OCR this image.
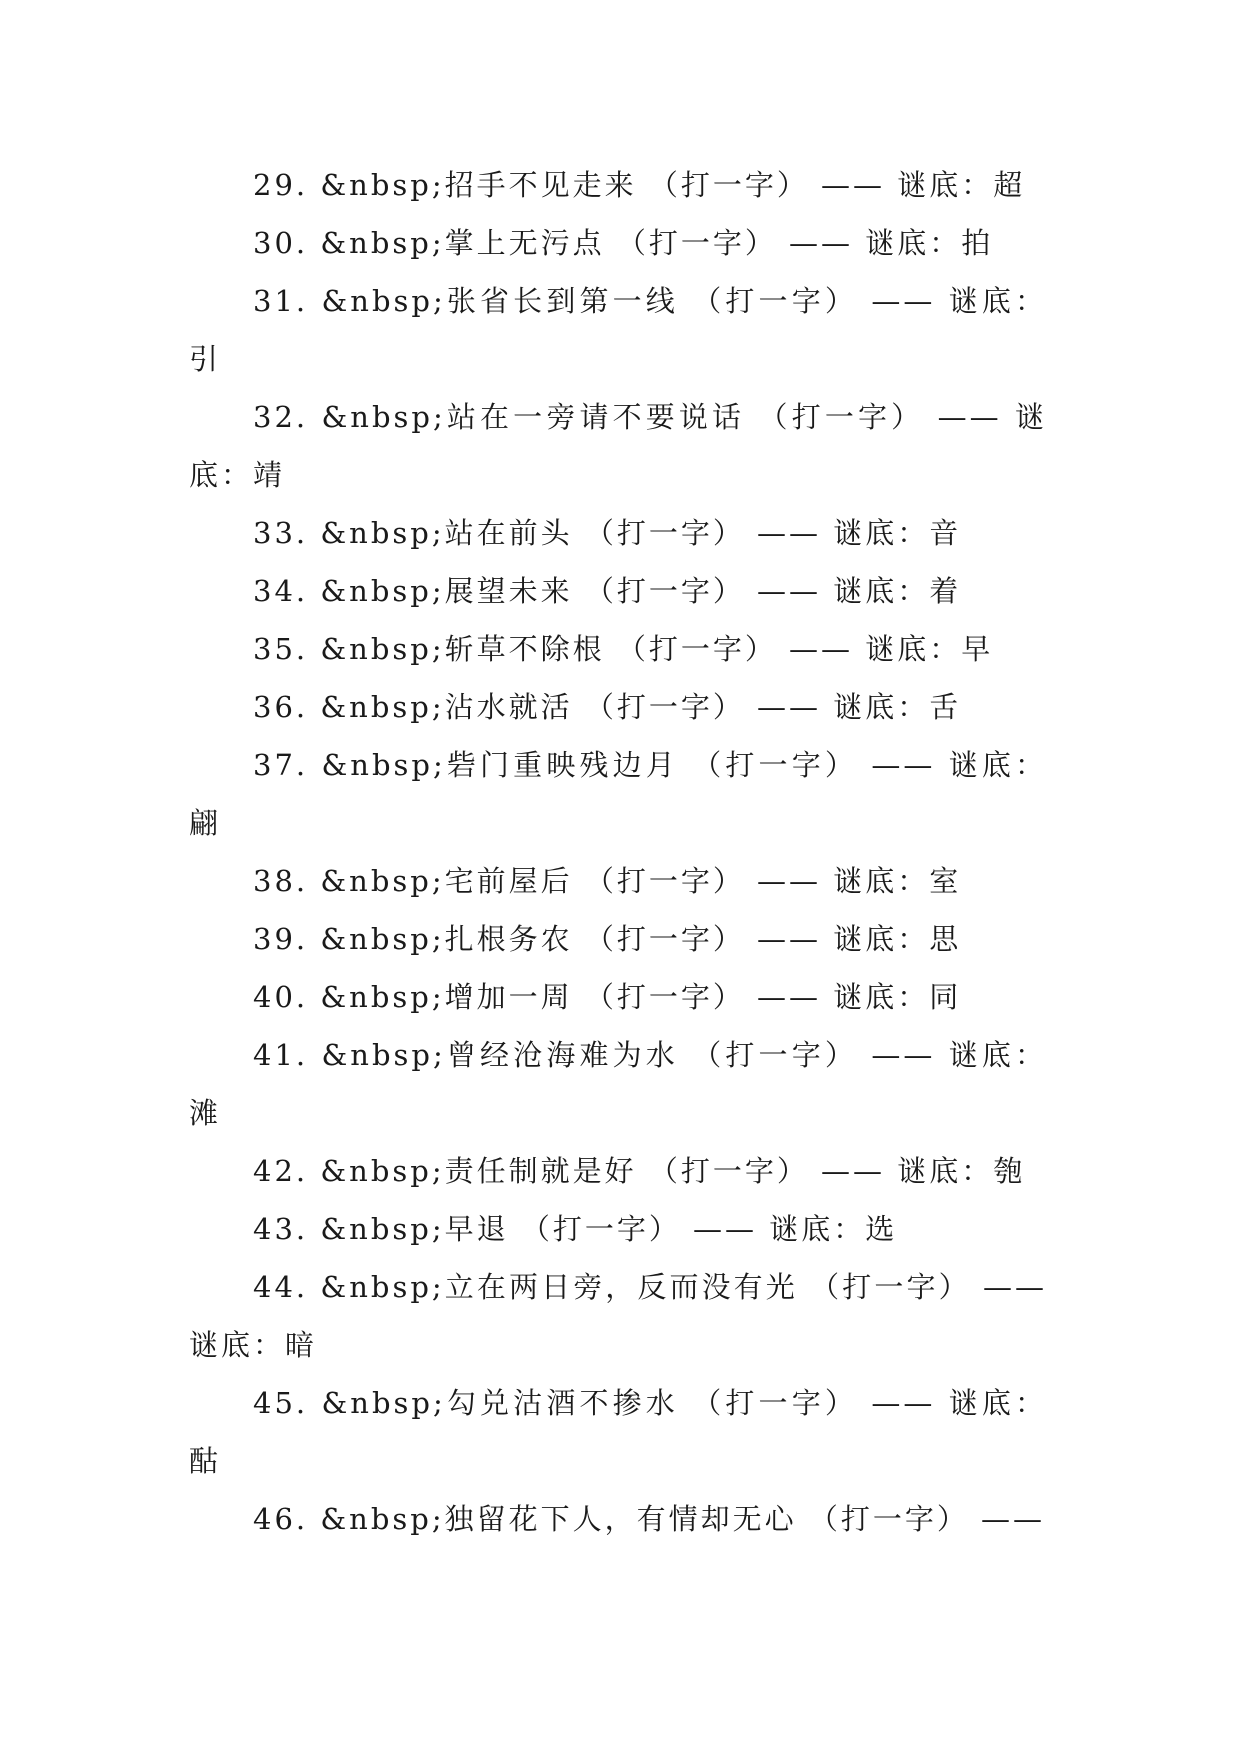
29. &nbsp;招手不见走来 （打一字） —— 谜底：超

30. &nbsp;掌上无污点 （打一字） —— 谜底：拍

31. &nbsp;张省长到第一线 （打一字） —— 谜底：引

32. &nbsp;站在一旁请不要说话 （打一字） —— 谜底：靖

33. &nbsp;站在前头 （打一字） —— 谜底：音

34. &nbsp;展望未来 （打一字） —— 谜底：着

35. &nbsp;斩草不除根 （打一字） —— 谜底：早

36. &nbsp;沾水就活 （打一字） —— 谜底：舌

37. &nbsp;砦门重映残边月 （打一字） —— 谜底：翩

38. &nbsp;宅前屋后 （打一字） —— 谜底：室

39. &nbsp;扎根务农 （打一字） —— 谜底：思

40. &nbsp;增加一周 （打一字） —— 谜底：同

41. &nbsp;曾经沧海难为水 （打一字） —— 谜底：滩

42. &nbsp;责任制就是好 （打一字） —— 谜底：匏

43. &nbsp;早退 （打一字） —— 谜底：选

44. &nbsp;立在两日旁，反而没有光 （打一字） —— 谜底：暗

45. &nbsp;勾兑沽酒不掺水 （打一字） —— 谜底：酤

46. &nbsp;独留花下人，有情却无心 （打一字） ——
